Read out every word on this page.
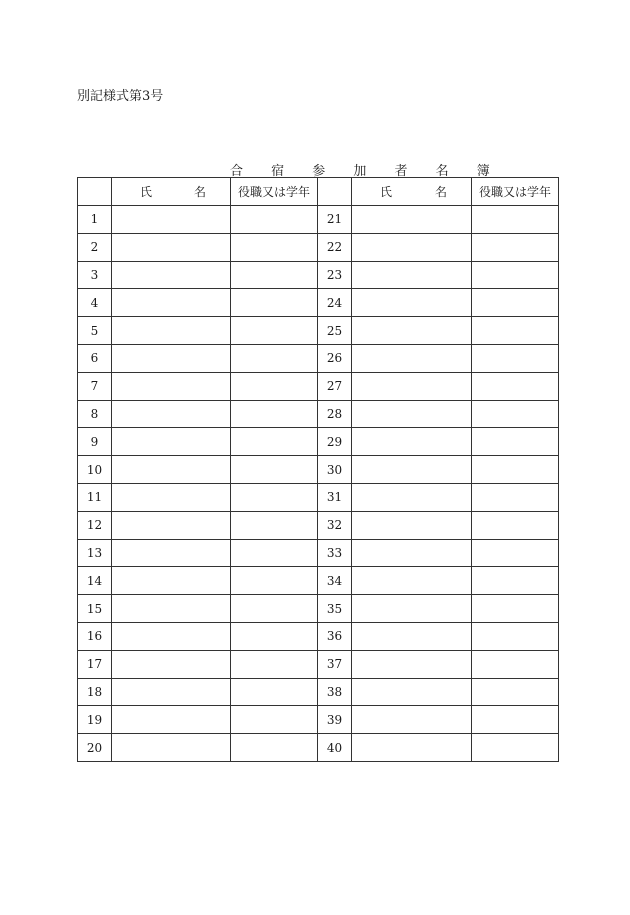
別記様式第3号
合 宿 参 加 者 名 簿

	氏 名	役職又は学年		氏 名	役職又は学年
1			21		
2			22		
3			23		
4			24		
5			25		
6			26		
7			27		
8			28		
9			29		
10			30		
11			31		
12			32		
13			33		
14			34		
15			35		
16			36		
17			37		
18			38		
19			39		
20			40		
